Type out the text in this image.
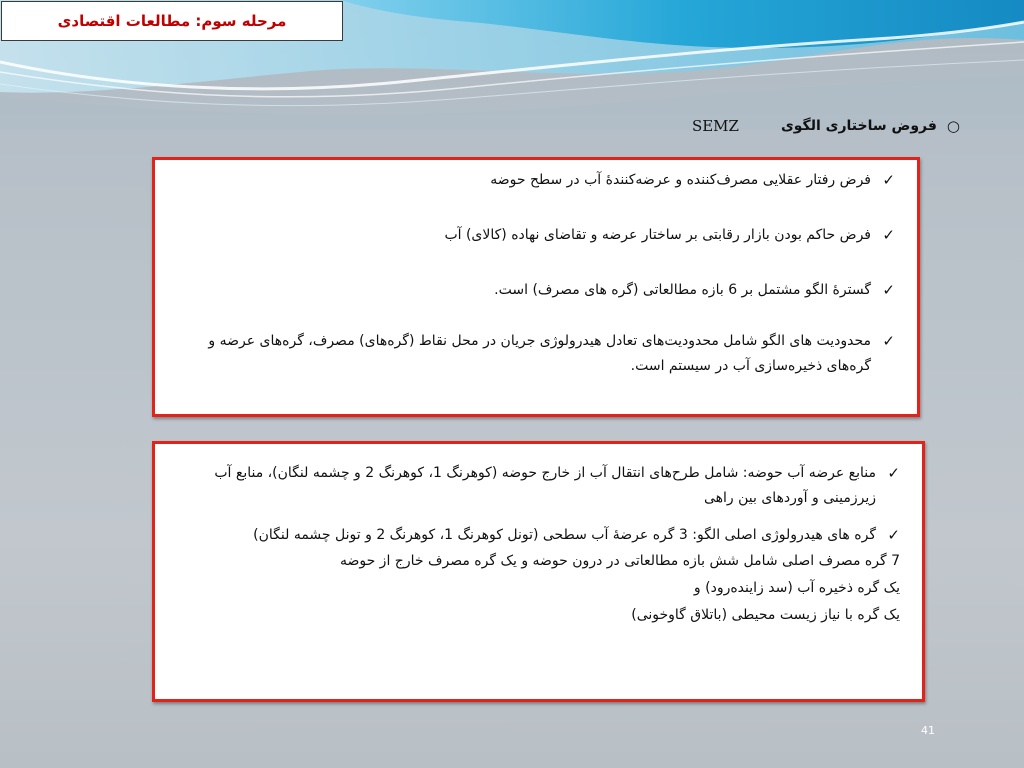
مرحله سوم: مطالعات اقتصادی
○
فروض ساختاری الگوی
SEMZ
✓
فرض رفتار عقلایی مصرف‌کننده و عرضه‌کنندهٔ آب در سطح حوضه
✓
فرض حاکم بودن بازار رقابتی بر ساختار عرضه و تقاضای نهاده (کالای) آب
✓
گسترهٔ الگو مشتمل بر 6 بازه مطالعاتی (گره های مصرف) است.
✓
محدودیت های الگو شامل محدودیت‌های تعادل هیدرولوژی جریان در محل نقاط (گره‌های) مصرف، گره‌های عرضه و گره‌های ذخیره‌سازی آب در سیستم است.
✓
منابع عرضه آب حوضه: شامل طرح‌های انتقال آب از خارج حوضه (کوهرنگ 1، کوهرنگ 2 و چشمه لنگان)، منابع آب زیرزمینی و آوردهای بین راهی
✓
گره های هیدرولوژی اصلی الگو: 3 گره عرضهٔ آب سطحی (تونل کوهرنگ 1، کوهرنگ 2 و تونل چشمه لنگان)
7 گره مصرف اصلی شامل شش بازه مطالعاتی در درون حوضه و یک گره مصرف خارج از حوضه
یک گره ذخیره آب (سد زاینده‌رود) و
یک گره با نیاز زیست محیطی (باتلاق گاوخونی)
41
